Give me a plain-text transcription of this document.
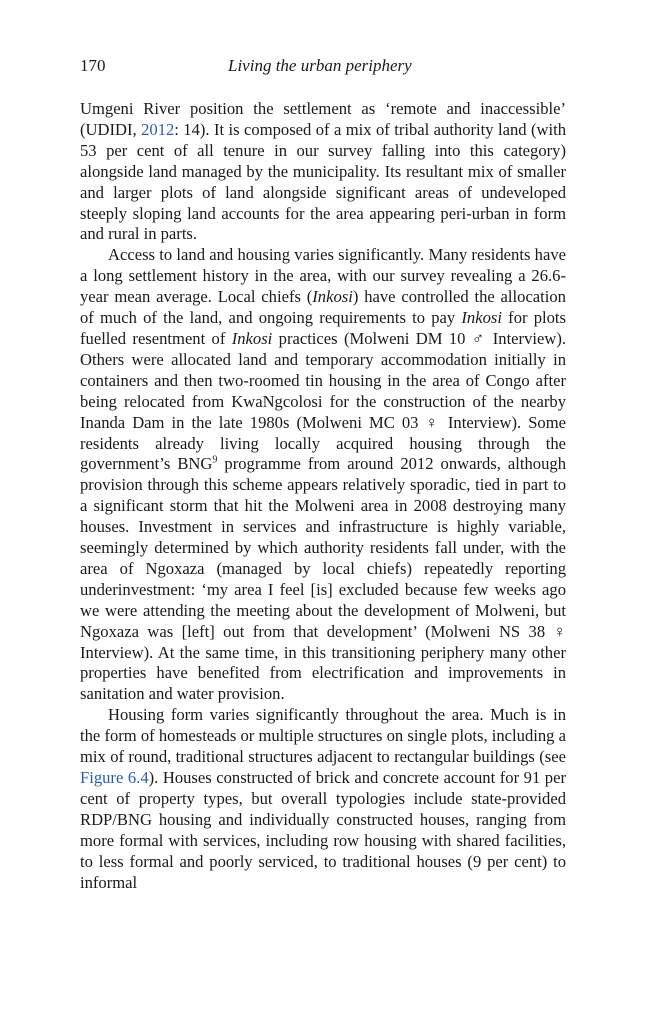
170	Living the urban periphery

Umgeni River position the settlement as ‘remote and inaccessible’ (UDIDI, 2012: 14). It is composed of a mix of tribal authority land (with 53 per cent of all tenure in our survey falling into this category) alongside land managed by the municipality. Its resultant mix of smaller and larger plots of land alongside significant areas of undeveloped steeply sloping land accounts for the area appearing peri-urban in form and rural in parts.

Access to land and housing varies significantly. Many residents have a long settlement history in the area, with our survey revealing a 26.6-year mean average. Local chiefs (Inkosi) have controlled the allocation of much of the land, and ongoing requirements to pay Inkosi for plots fuelled resentment of Inkosi practices (Molweni DM 10 ♂ Interview). Others were allocated land and temporary accommodation initially in containers and then two-roomed tin housing in the area of Congo after being relocated from KwaNgcolosi for the construction of the nearby Inanda Dam in the late 1980s (Molweni MC 03 ♀ Interview). Some residents already living locally acquired housing through the government’s BNG$^9$ programme from around 2012 onwards, although provision through this scheme appears relatively sporadic, tied in part to a significant storm that hit the Molweni area in 2008 destroying many houses. Investment in services and infrastructure is highly variable, seemingly determined by which authority residents fall under, with the area of Ngoxaza (managed by local chiefs) repeatedly reporting underinvestment: ‘my area I feel [is] excluded because few weeks ago we were attending the meeting about the development of Molweni, but Ngoxaza was [left] out from that development’ (Molweni NS 38 ♀ Interview). At the same time, in this transitioning periphery many other properties have benefited from electrification and improvements in sanitation and water provision.

Housing form varies significantly throughout the area. Much is in the form of homesteads or multiple structures on single plots, including a mix of round, traditional structures adjacent to rectangular buildings (see Figure 6.4). Houses constructed of brick and concrete account for 91 per cent of property types, but overall typologies include state-provided RDP/BNG housing and individually constructed houses, ranging from more formal with services, including row housing with shared facilities, to less formal and poorly serviced, to traditional houses (9 per cent) to informal
